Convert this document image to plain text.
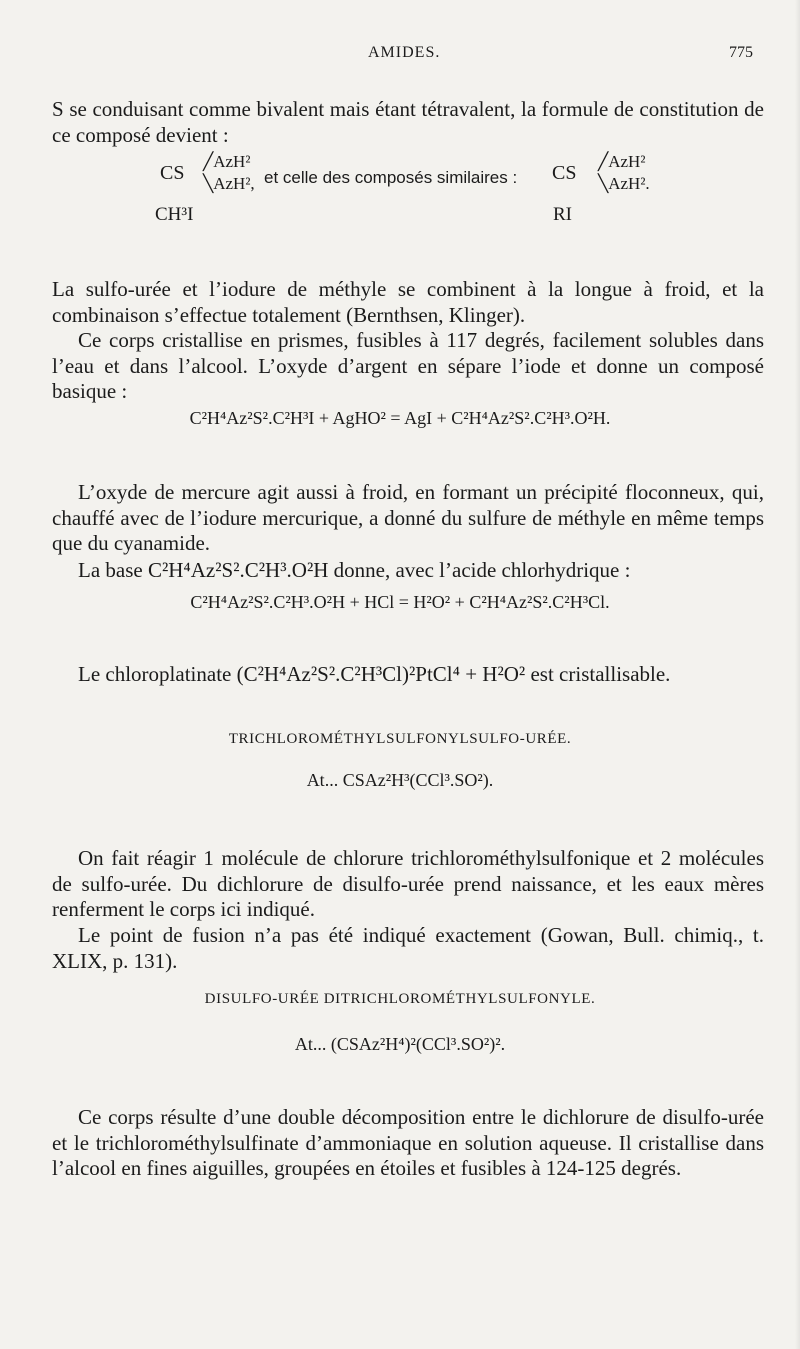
AMIDES.	775

S se conduisant comme bivalent mais étant tétravalent, la formule de constitution de ce composé devient :

CS
╱AzH²
╲AzH²,
CH³I
et celle des composés similaires : CS
╱AzH²
╲AzH².
RI

La sulfo-urée et l’iodure de méthyle se combinent à la longue à froid, et la combinaison s’effectue totalement (Bernthsen, Klinger).

Ce corps cristallise en prismes, fusibles à 117 degrés, facilement solubles dans l’eau et dans l’alcool. L’oxyde d’argent en sépare l’iode et donne un composé basique :

C²H⁴Az²S².C²H³I + AgHO² = AgI + C²H⁴Az²S².C²H³.O²H.

L’oxyde de mercure agit aussi à froid, en formant un précipité floconneux, qui, chauffé avec de l’iodure mercurique, a donné du sulfure de méthyle en même temps que du cyanamide.

La base C²H⁴Az²S².C²H³.O²H donne, avec l’acide chlorhydrique :

C²H⁴Az²S².C²H³.O²H + HCl = H²O² + C²H⁴Az²S².C²H³Cl.

Le chloroplatinate (C²H⁴Az²S².C²H³Cl)²PtCl⁴ + H²O² est cristallisable.

TRICHLOROMÉTHYLSULFONYLSULFO-URÉE.
At... CSAz²H³(CCl³.SO²).

On fait réagir 1 molécule de chlorure trichlorométhylsulfonique et 2 molécules de sulfo-urée. Du dichlorure de disulfo-urée prend naissance, et les eaux mères renferment le corps ici indiqué.

Le point de fusion n’a pas été indiqué exactement (Gowan, Bull. chimiq., t. XLIX, p. 131).

DISULFO-URÉE DITRICHLOROMÉTHYLSULFONYLE.
At... (CSAz²H⁴)²(CCl³.SO²)².

Ce corps résulte d’une double décomposition entre le dichlorure de disulfo-urée et le trichlorométhylsulfinate d’ammoniaque en solution aqueuse. Il cristallise dans l’alcool en fines aiguilles, groupées en étoiles et fusibles à 124-125 degrés.
